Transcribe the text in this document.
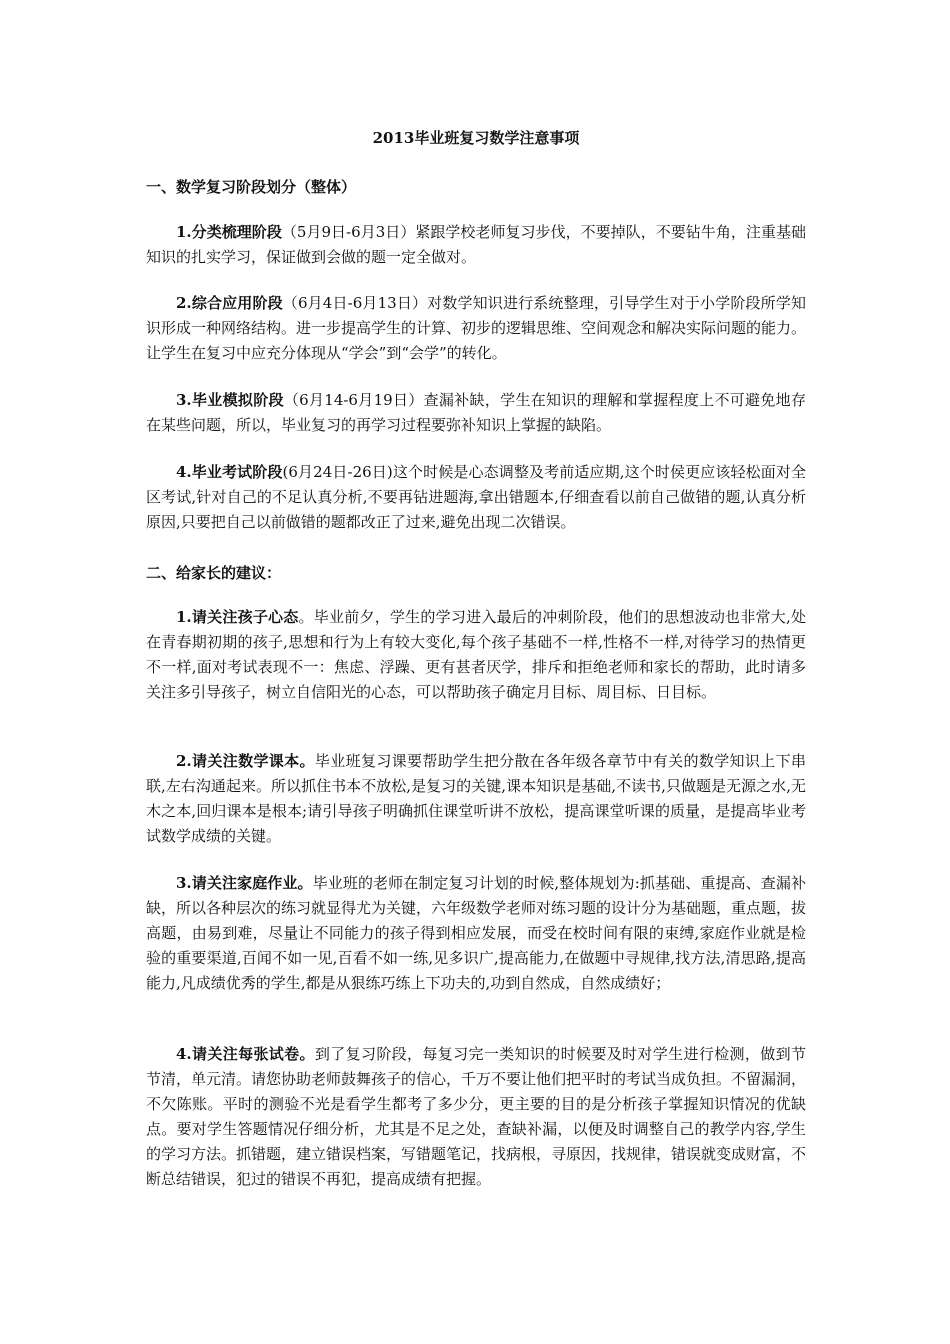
2013毕业班复习数学注意事项
一、数学复习阶段划分（整体）

1.分类梳理阶段（5月9日-6月3日）紧跟学校老师复习步伐，不要掉队，不要钻牛角，注重基础知识的扎实学习，保证做到会做的题一定全做对。

2.综合应用阶段（6月4日-6月13日）对数学知识进行系统整理，引导学生对于小学阶段所学知识形成一种网络结构。进一步提高学生的计算、初步的逻辑思维、空间观念和解决实际问题的能力。让学生在复习中应充分体现从“学会”到“会学”的转化。

3.毕业模拟阶段（6月14-6月19日）查漏补缺，学生在知识的理解和掌握程度上不可避免地存在某些问题，所以，毕业复习的再学习过程要弥补知识上掌握的缺陷。

4.毕业考试阶段(6月24日-26日)这个时候是心态调整及考前适应期,这个时侯更应该轻松面对全区考试,针对自己的不足认真分析,不要再钻进题海,拿出错题本,仔细查看以前自己做错的题,认真分析原因,只要把自己以前做错的题都改正了过来,避免出现二次错误。

二、给家长的建议：

1.请关注孩子心态。毕业前夕，学生的学习进入最后的冲刺阶段，他们的思想波动也非常大,处在青春期初期的孩子,思想和行为上有较大变化,每个孩子基础不一样,性格不一样,对待学习的热情更不一样,面对考试表现不一：焦虑、浮躁、更有甚者厌学，排斥和拒绝老师和家长的帮助，此时请多关注多引导孩子，树立自信阳光的心态，可以帮助孩子确定月目标、周目标、日目标。

2.请关注数学课本。毕业班复习课要帮助学生把分散在各年级各章节中有关的数学知识上下串联,左右沟通起来。所以抓住书本不放松,是复习的关键,课本知识是基础,不读书,只做题是无源之水,无木之本,回归课本是根本;请引导孩子明确抓住课堂听讲不放松，提高课堂听课的质量，是提高毕业考试数学成绩的关键。

3.请关注家庭作业。毕业班的老师在制定复习计划的时候,整体规划为:抓基础、重提高、查漏补缺，所以各种层次的练习就显得尤为关键，六年级数学老师对练习题的设计分为基础题，重点题，拔高题，由易到难，尽量让不同能力的孩子得到相应发展，而受在校时间有限的束缚,家庭作业就是检验的重要渠道,百闻不如一见,百看不如一练,见多识广,提高能力,在做题中寻规律,找方法,清思路,提高能力,凡成绩优秀的学生,都是从狠练巧练上下功夫的,功到自然成，自然成绩好；

4.请关注每张试卷。到了复习阶段，每复习完一类知识的时候要及时对学生进行检测，做到节节清，单元清。请您协助老师鼓舞孩子的信心，千万不要让他们把平时的考试当成负担。不留漏洞，不欠陈账。平时的测验不光是看学生都考了多少分，更主要的目的是分析孩子掌握知识情况的优缺点。要对学生答题情况仔细分析，尤其是不足之处，查缺补漏，以便及时调整自己的教学内容,学生的学习方法。抓错题，建立错误档案，写错题笔记，找病根，寻原因，找规律，错误就变成财富，不断总结错误，犯过的错误不再犯，提高成绩有把握。
